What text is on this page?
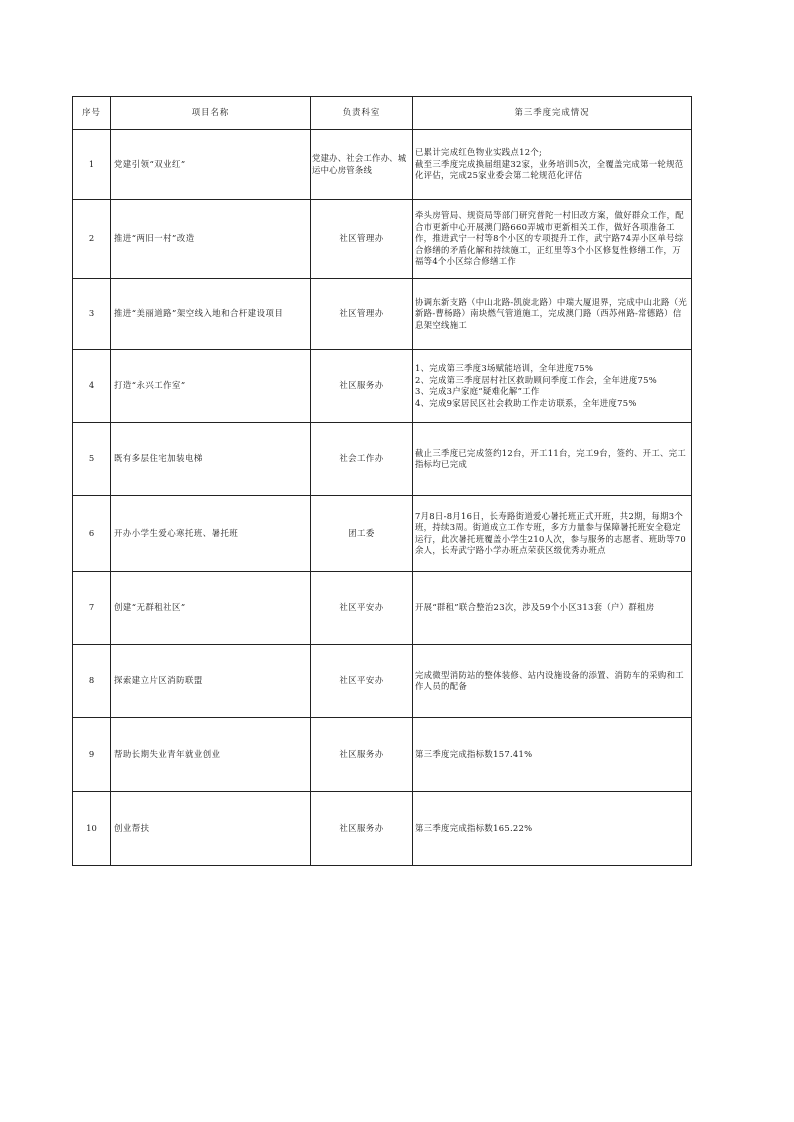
序号	项目名称	负责科室	第三季度完成情况
1	党建引领“双业红”	党建办、社会工作办、城运中心房管条线	已累计完成红色物业实践点12个;
截至三季度完成换届组建32家，业务培训5次，全覆盖完成第一轮规范化评估，完成25家业委会第二轮规范化评估

2	推进“两旧一村”改造	社区管理办	牵头房管局、规资局等部门研究普陀一村旧改方案，做好群众工作，配合市更新中心开展澳门路660弄城市更新相关工作，做好各项准备工作，推进武宁一村等8个小区的专项提升工作，武宁路74弄小区单号综合修缮的矛盾化解和持续施工，正红里等3个小区修复性修缮工作，万福等4个小区综合修缮工作

3	推进“美丽道路”架空线入地和合杆建设项目	社区管理办	协调东新支路（中山北路-凯旋北路）中瑞大厦退界，完成中山北路（光新路-曹杨路）南块燃气管道施工，完成澳门路（西苏州路-常德路）信息架空线施工

4	打造“永兴工作室”	社区服务办	1、完成第三季度3场赋能培训，全年进度75%
2、完成第三季度居村社区救助顾问季度工作会，全年进度75%
3、完成3户家庭“疑难化解”工作
4、完成9家居民区社会救助工作走访联系，全年进度75%

5	既有多层住宅加装电梯	社会工作办	截止三季度已完成签约12台，开工11台，完工9台，签约、开工、完工指标均已完成

6	开办小学生爱心寒托班、暑托班	团工委	7月8日-8月16日，长寿路街道爱心暑托班正式开班，共2期，每期3个班，持续3周。街道成立工作专班，多方力量参与保障暑托班安全稳定运行，此次暑托班覆盖小学生210人次，参与服务的志愿者、班助等70余人，长寿武宁路小学办班点荣获区级优秀办班点

7	创建“无群租社区”	社区平安办	开展“群租”联合整治23次，涉及59个小区313套（户）群租房

8	探索建立片区消防联盟	社区平安办	完成微型消防站的整体装修、站内设施设备的添置、消防车的采购和工作人员的配备

9	帮助长期失业青年就业创业	社区服务办	第三季度完成指标数157.41%

10	创业帮扶	社区服务办	第三季度完成指标数165.22%
